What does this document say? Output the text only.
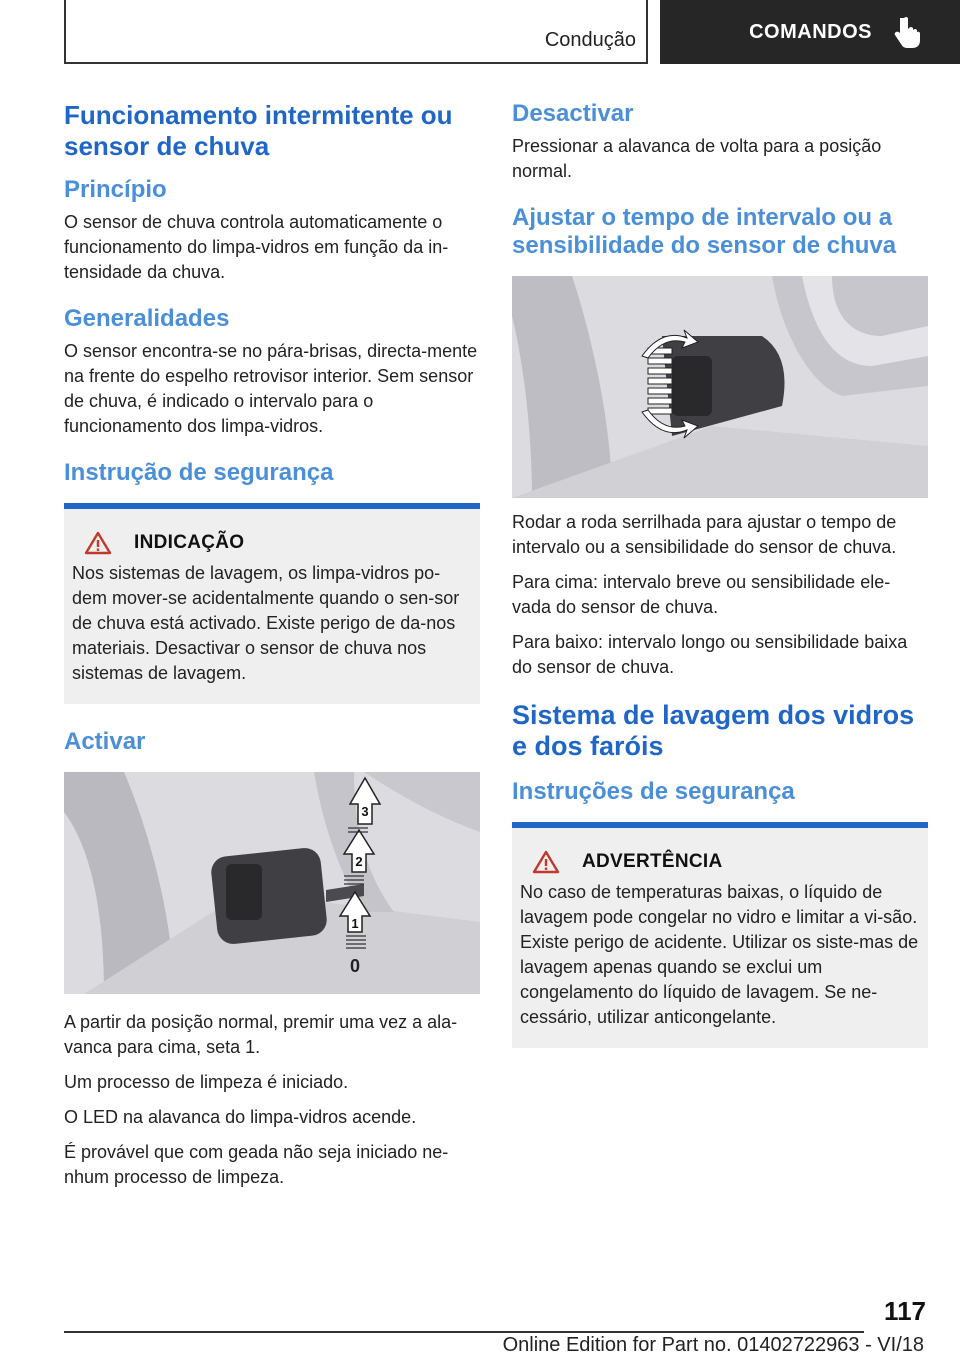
Condução	COMANDOS
Funcionamento intermitente ou sensor de chuva
Princípio

O sensor de chuva controla automaticamente o funcionamento do limpa-vidros em função da in-tensidade da chuva.

Generalidades

O sensor encontra-se no pára-brisas, directa-mente na frente do espelho retrovisor interior. Sem sensor de chuva, é indicado o intervalo para o funcionamento dos limpa-vidros.

Instrução de segurança
INDICAÇÃO

Nos sistemas de lavagem, os limpa-vidros po-dem mover-se acidentalmente quando o sen-sor de chuva está activado. Existe perigo de da-nos materiais. Desactivar o sensor de chuva nos sistemas de lavagem.

Activar
3
2
1
0

A partir da posição normal, premir uma vez a ala-vanca para cima, seta 1.

Um processo de limpeza é iniciado.

O LED na alavanca do limpa-vidros acende.

É provável que com geada não seja iniciado ne-nhum processo de limpeza.

Desactivar

Pressionar a alavanca de volta para a posição normal.

Ajustar o tempo de intervalo ou a sensibilidade do sensor de chuva

Rodar a roda serrilhada para ajustar o tempo de intervalo ou a sensibilidade do sensor de chuva.

Para cima: intervalo breve ou sensibilidade ele-vada do sensor de chuva.

Para baixo: intervalo longo ou sensibilidade baixa do sensor de chuva.

Sistema de lavagem dos vidros e dos faróis
Instruções de segurança
ADVERTÊNCIA

No caso de temperaturas baixas, o líquido de lavagem pode congelar no vidro e limitar a vi-são. Existe perigo de acidente. Utilizar os siste-mas de lavagem apenas quando se exclui um congelamento do líquido de lavagem. Se ne-cessário, utilizar anticongelante.

117
Online Edition for Part no. 01402722963 - VI/18
